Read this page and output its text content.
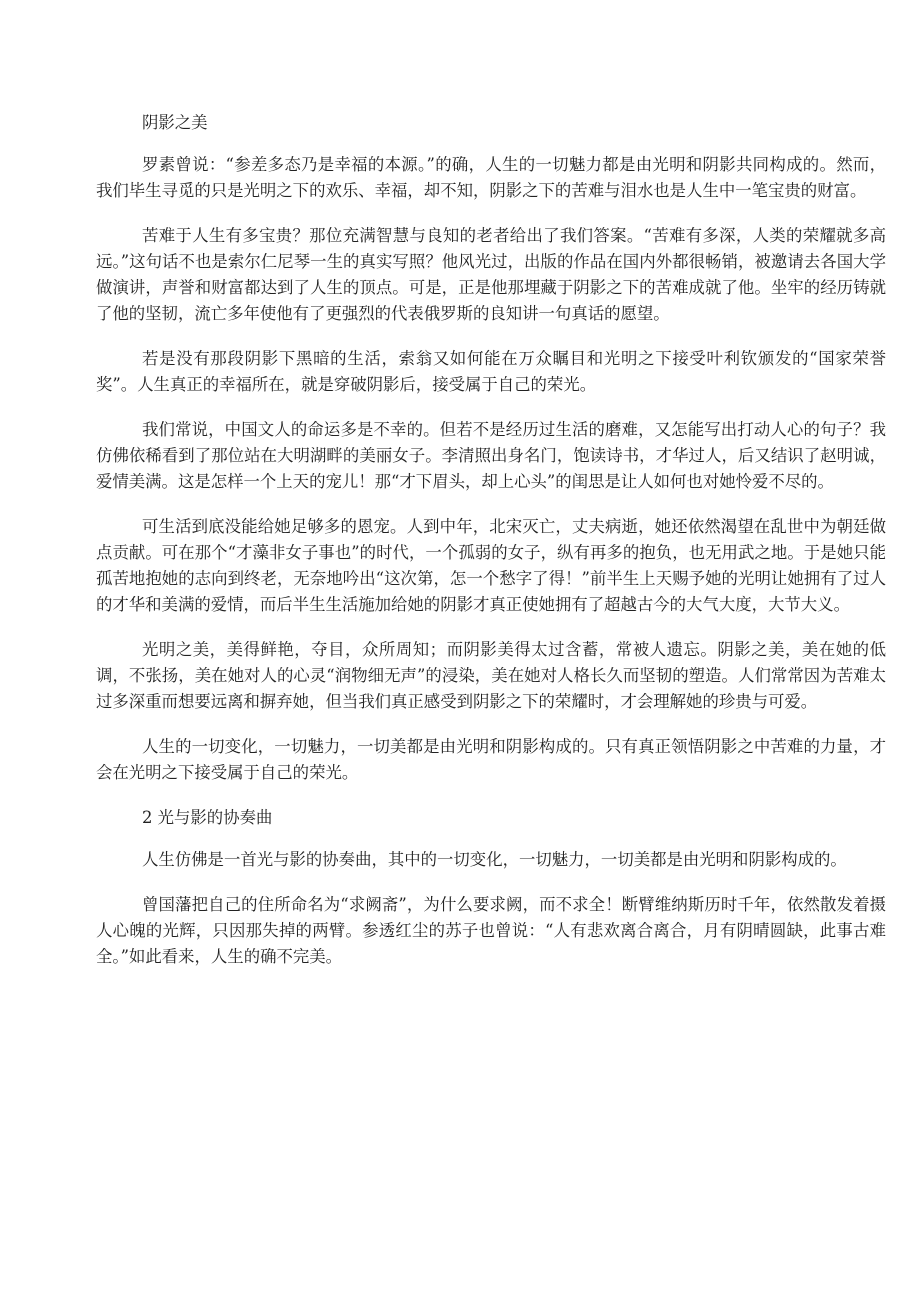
阴影之美

罗素曾说：“参差多态乃是幸福的本源。”的确，人生的一切魅力都是由光明和阴影共同构成的。然而，我们毕生寻觅的只是光明之下的欢乐、幸福，却不知，阴影之下的苦难与泪水也是人生中一笔宝贵的财富。

苦难于人生有多宝贵？那位充满智慧与良知的老者给出了我们答案。“苦难有多深，人类的荣耀就多高远。”这句话不也是索尔仁尼琴一生的真实写照？他风光过，出版的作品在国内外都很畅销，被邀请去各国大学做演讲，声誉和财富都达到了人生的顶点。可是，正是他那埋藏于阴影之下的苦难成就了他。坐牢的经历铸就了他的坚韧，流亡多年使他有了更强烈的代表俄罗斯的良知讲一句真话的愿望。

若是没有那段阴影下黑暗的生活，索翁又如何能在万众瞩目和光明之下接受叶利钦颁发的“国家荣誉奖”。人生真正的幸福所在，就是穿破阴影后，接受属于自己的荣光。

我们常说，中国文人的命运多是不幸的。但若不是经历过生活的磨难，又怎能写出打动人心的句子？我仿佛依稀看到了那位站在大明湖畔的美丽女子。李清照出身名门，饱读诗书，才华过人，后又结识了赵明诚，爱情美满。这是怎样一个上天的宠儿！那“才下眉头，却上心头”的闺思是让人如何也对她怜爱不尽的。

可生活到底没能给她足够多的恩宠。人到中年，北宋灭亡，丈夫病逝，她还依然渴望在乱世中为朝廷做点贡献。可在那个“才藻非女子事也”的时代，一个孤弱的女子，纵有再多的抱负，也无用武之地。于是她只能孤苦地抱她的志向到终老，无奈地吟出“这次第，怎一个愁字了得！”前半生上天赐予她的光明让她拥有了过人的才华和美满的爱情，而后半生生活施加给她的阴影才真正使她拥有了超越古今的大气大度，大节大义。

光明之美，美得鲜艳，夺目，众所周知；而阴影美得太过含蓄，常被人遗忘。阴影之美，美在她的低调，不张扬，美在她对人的心灵“润物细无声”的浸染，美在她对人格长久而坚韧的塑造。人们常常因为苦难太过多深重而想要远离和摒弃她，但当我们真正感受到阴影之下的荣耀时，才会理解她的珍贵与可爱。

人生的一切变化，一切魅力，一切美都是由光明和阴影构成的。只有真正领悟阴影之中苦难的力量，才会在光明之下接受属于自己的荣光。

2 光与影的协奏曲

人生仿佛是一首光与影的协奏曲，其中的一切变化，一切魅力，一切美都是由光明和阴影构成的。

曾国藩把自己的住所命名为“求阙斋”，为什么要求阙，而不求全！断臂维纳斯历时千年，依然散发着摄人心魄的光辉，只因那失掉的两臂。参透红尘的苏子也曾说：“人有悲欢离合离合，月有阴晴圆缺，此事古难全。”如此看来，人生的确不完美。
